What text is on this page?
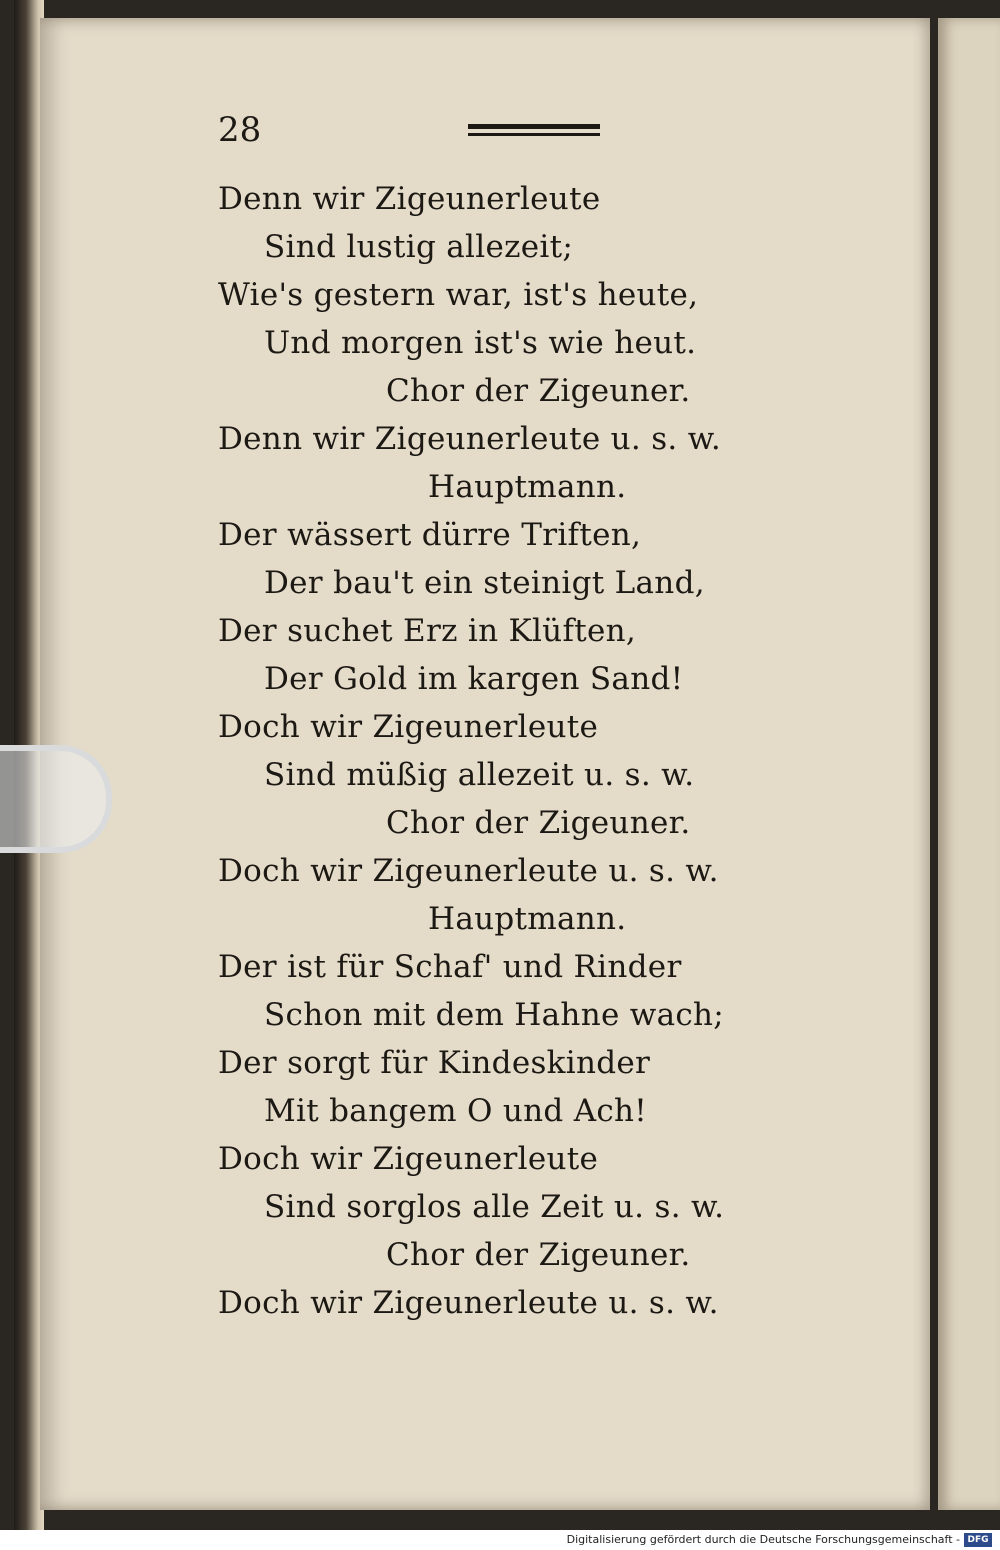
28
Denn wir Zigeunerleute
Sind lustig allezeit;
Wie's gestern war, ist's heute,
Und morgen ist's wie heut.
Chor der Zigeuner.
Denn wir Zigeunerleute u. s. w.
Hauptmann.
Der wässert dürre Triften,
Der bau't ein steinigt Land,
Der suchet Erz in Klüften,
Der Gold im kargen Sand!
Doch wir Zigeunerleute
Sind müßig allezeit u. s. w.
Chor der Zigeuner.
Doch wir Zigeunerleute u. s. w.
Hauptmann.
Der ist für Schaf' und Rinder
Schon mit dem Hahne wach;
Der sorgt für Kindeskinder
Mit bangem O und Ach!
Doch wir Zigeunerleute
Sind sorglos alle Zeit u. s. w.
Chor der Zigeuner.
Doch wir Zigeunerleute u. s. w.
Digitalisierung gefördert durch die Deutsche Forschungsgemeinschaft - DFG
